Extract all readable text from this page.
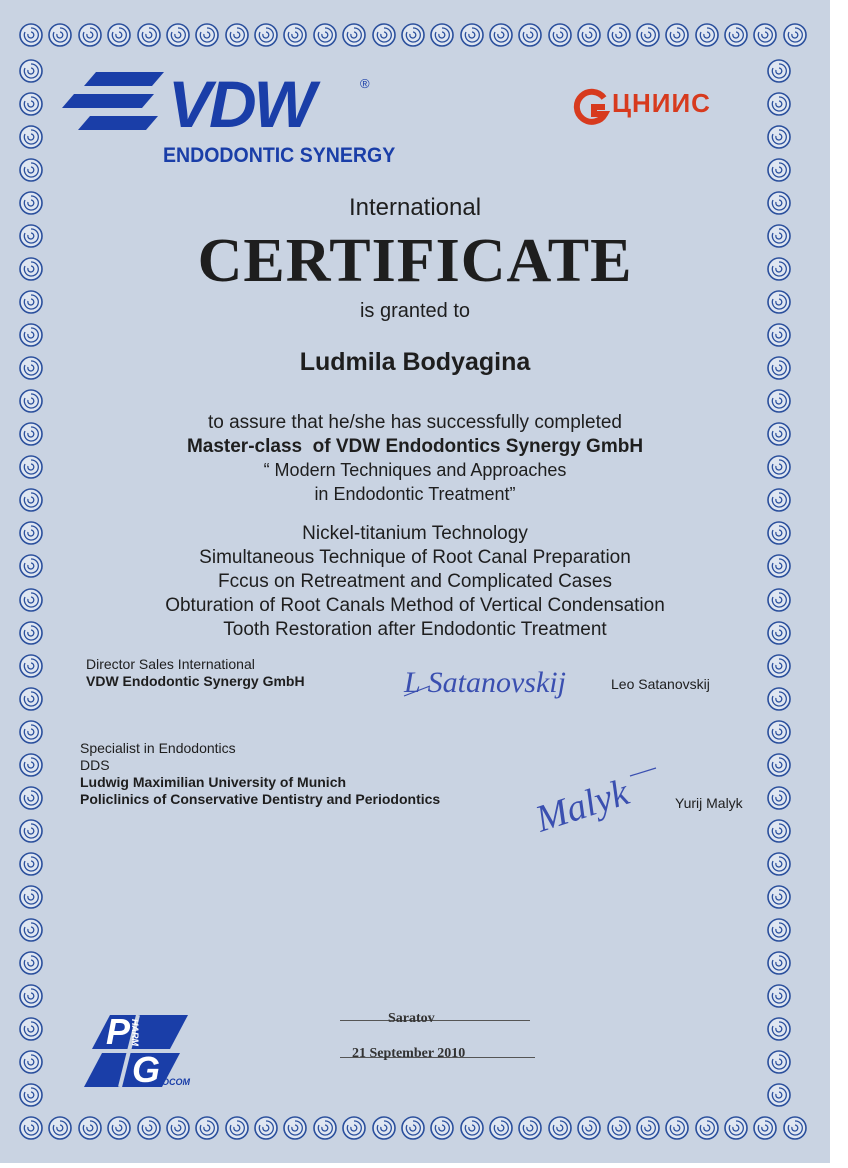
VDW	®
ENDODONTIC SYNERGY
ЦНИИС
International
CERTIFICATE
is granted to
Ludmila Bodyagina
to assure that he/she has successfully completed
Master-class  of VDW Endodontics Synergy GmbH
“ Modern Techniques and Approaches
in Endodontic Treatment”
Nickel-titanium Technology
Simultaneous Technique of Root Canal Preparation
Fccus on Retreatment and Complicated Cases
Obturation of Root Canals Method of Vertical Condensation
Tooth Restoration after Endodontic Treatment
Director Sales International
VDW Endodontic Synergy GmbH	L Satanovskij	Leo Satanovskij
Specialist in Endodontics
DDS
Ludwig Maximilian University of Munich
Policlinics of Conservative Dentistry and Periodontics Malyk	Yurij Malyk
P HARM
G
EOCOM
Saratov
21 September 2010
